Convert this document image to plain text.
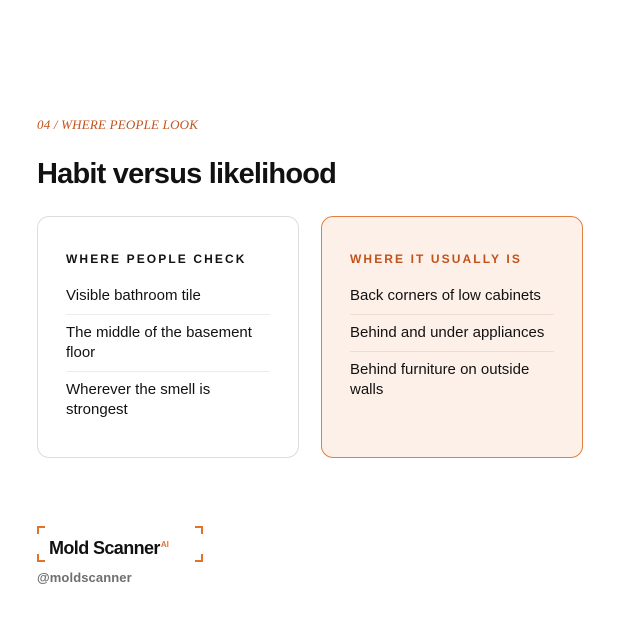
04 / WHERE PEOPLE LOOK
Habit versus likelihood
WHERE PEOPLE CHECK
Visible bathroom tile
The middle of the basement floor
Wherever the smell is strongest
WHERE IT USUALLY IS
Back corners of low cabinets
Behind and under appliances
Behind furniture on outside walls
Mold Scanner$^{AI}$
@moldscanner
